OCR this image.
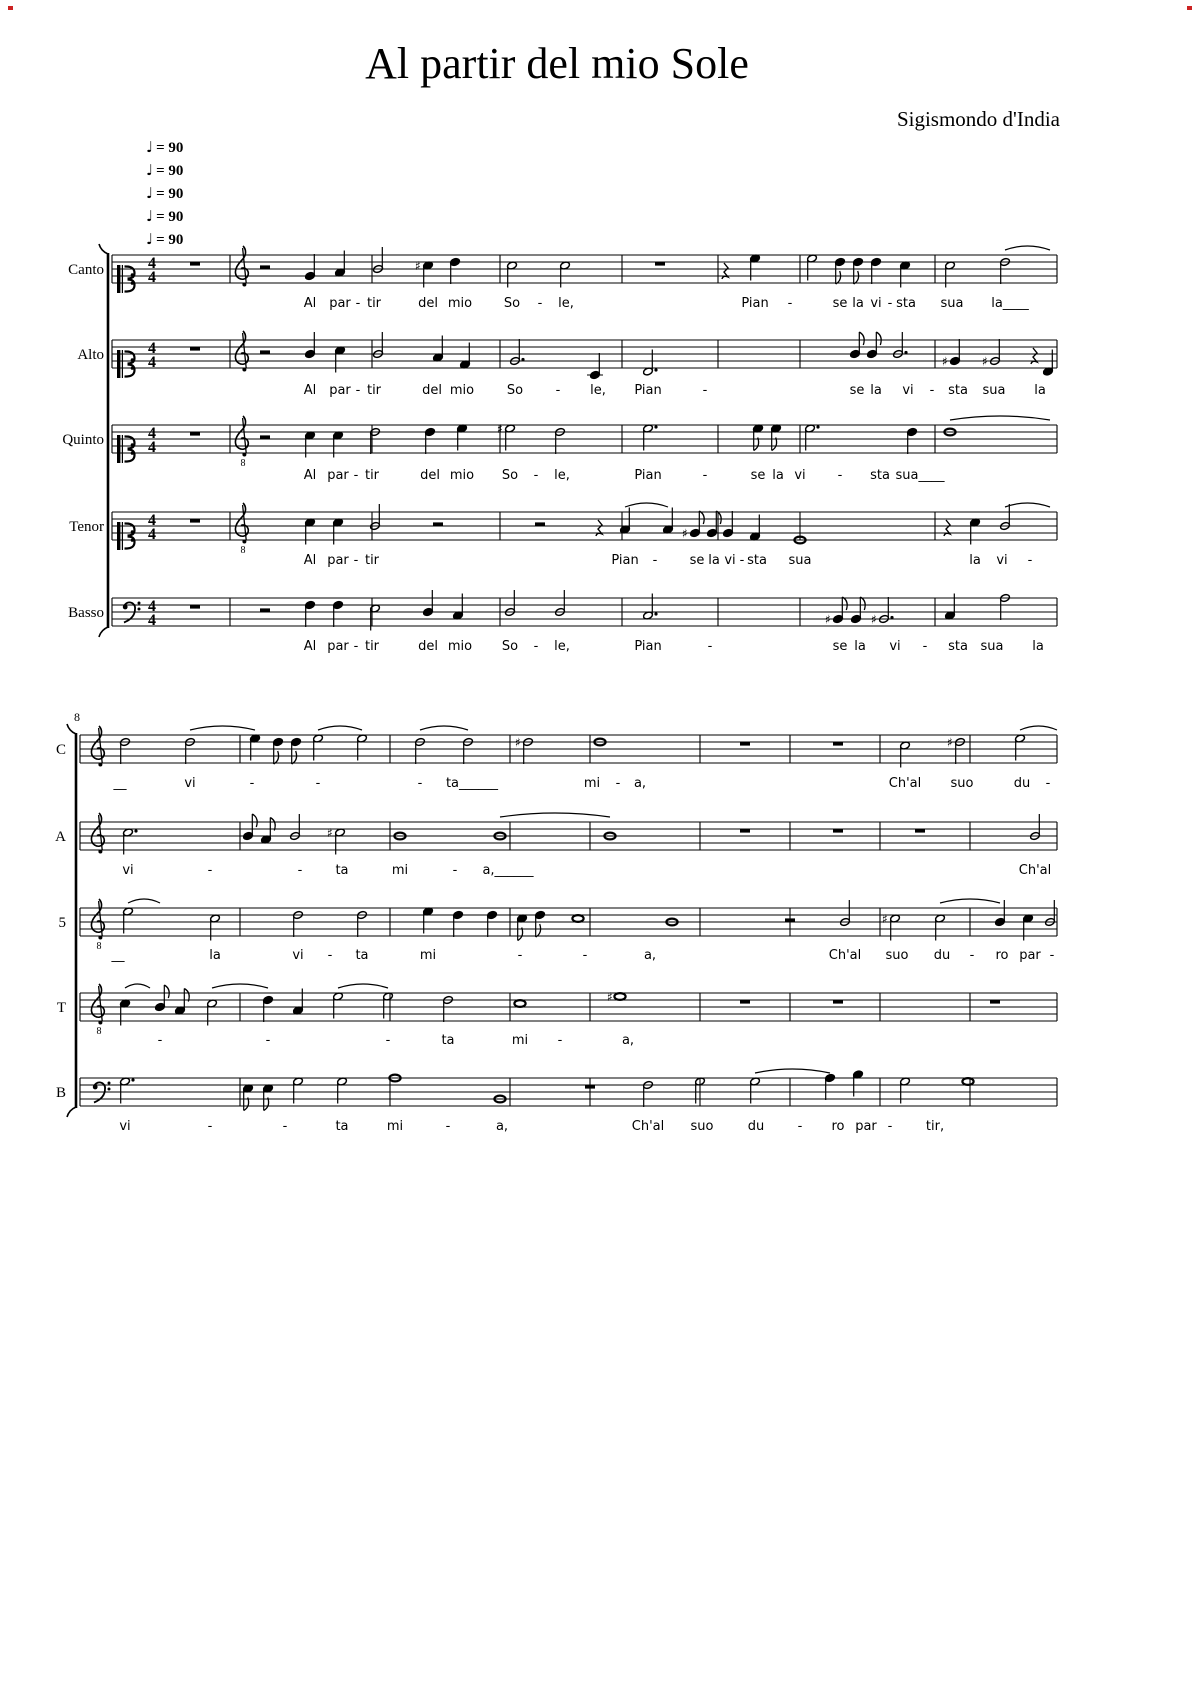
Al partir del mio Sole
Sigismondo d'India
♩ = 90
♩ = 90
♩ = 90
♩ = 90
♩ = 90
Canto	4
4
♯
Al par - tir	del mio So - le,	Pian -	se la vi - sta sua la____
Alto	4
4	♯	♯
Al par - tir	del mio	So	- le, Pian	-	se la vi - sta sua la
Quinto	4
4
8
♯
Al par - tir	del mio So - le,	Pian	-	se la vi - sta sua____
Tenor	4
4
8
♯
Al par - tir	Pian - se la vi - sta sua	la vi -
Basso	4
4	♯	♯
Al par - tir	del mio So - le,	Pian	-	se la vi - sta sua la
8
C	♯	♯
__	vi	-	-	- ta______	mi - a,	Ch'al suo	du -
A	♯
vi	-	-	ta	mi	- a,______	Ch'al
5
8
♯
__	la	vi - ta	mi	-	-	a,	Ch'al suo du - ro par -
T
8
♯
-	-	-	ta	mi -	a,
B
vi	-	-	ta	mi	-	a,	Ch'al suo	du	- ro par -	tir,
